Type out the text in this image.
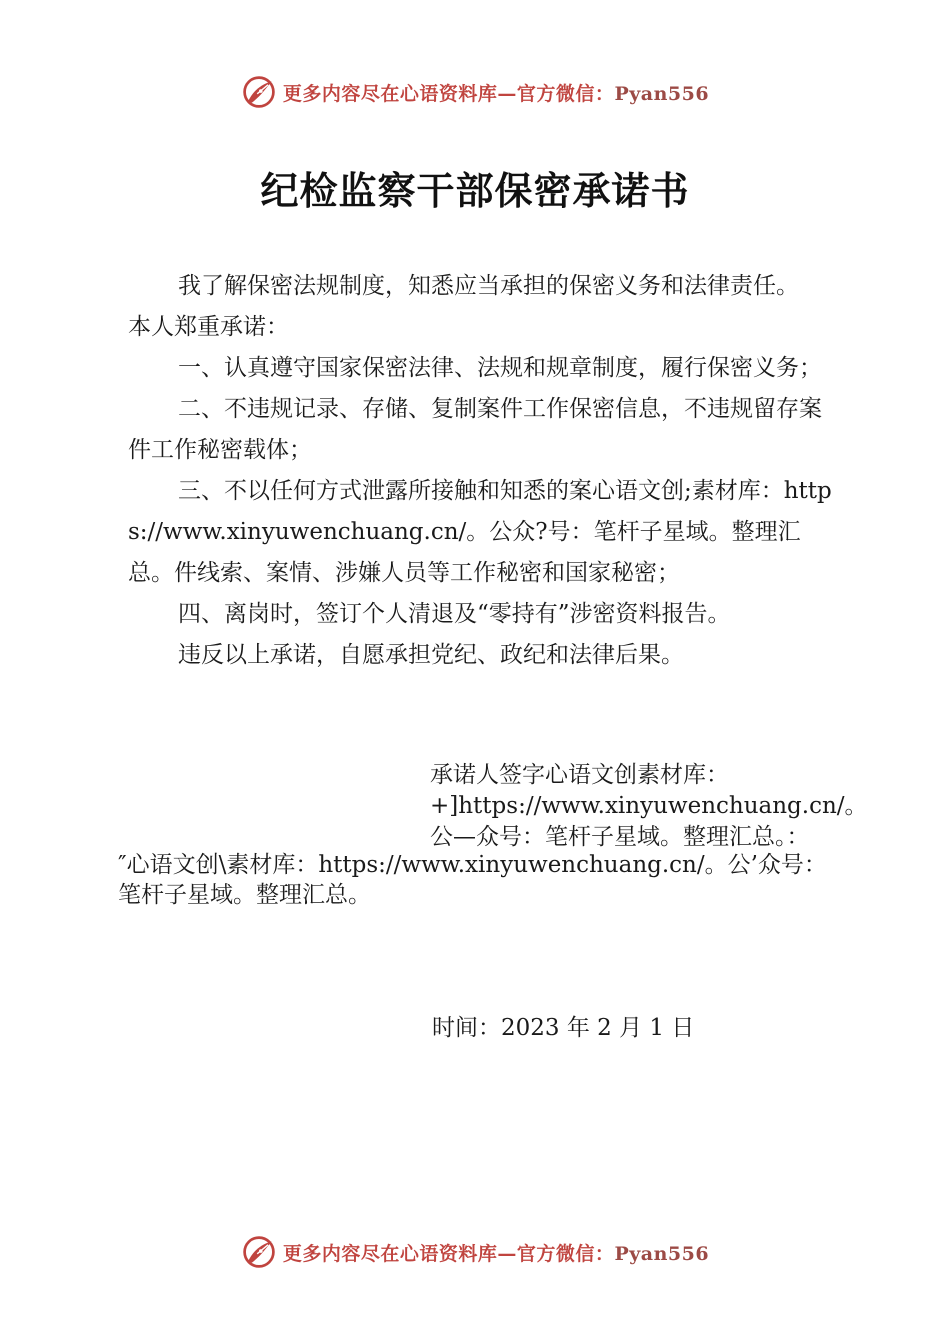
更多内容尽在心语资料库—官方微信：Pyan556
纪检监察干部保密承诺书

我了解保密法规制度，知悉应当承担的保密义务和法律责任。

本人郑重承诺：

一、认真遵守国家保密法律、法规和规章制度，履行保密义务；

二、不违规记录、存储、复制案件工作保密信息，不违规留存案件工作秘密载体；

三、不以任何方式泄露所接触和知悉的案心语文创;素材库：https://www.xinyuwenchuang.cn/。公众?号：笔杆子星域。整理汇总。件线索、案情、涉嫌人员等工作秘密和国家秘密；

四、离岗时，签订个人清退及“零持有”涉密资料报告。

违反以上承诺，自愿承担党纪、政纪和法律后果。

承诺人签字心语文创素材库：
+]https://www.xinyuwenchuang.cn/。
公—众号：笔杆子星域。整理汇总。：
″心语文创\素材库：https://www.xinyuwenchuang.cn/。公’众号：
笔杆子星域。整理汇总。
时间：2023 年 2 月 1 日
更多内容尽在心语资料库—官方微信：Pyan556
